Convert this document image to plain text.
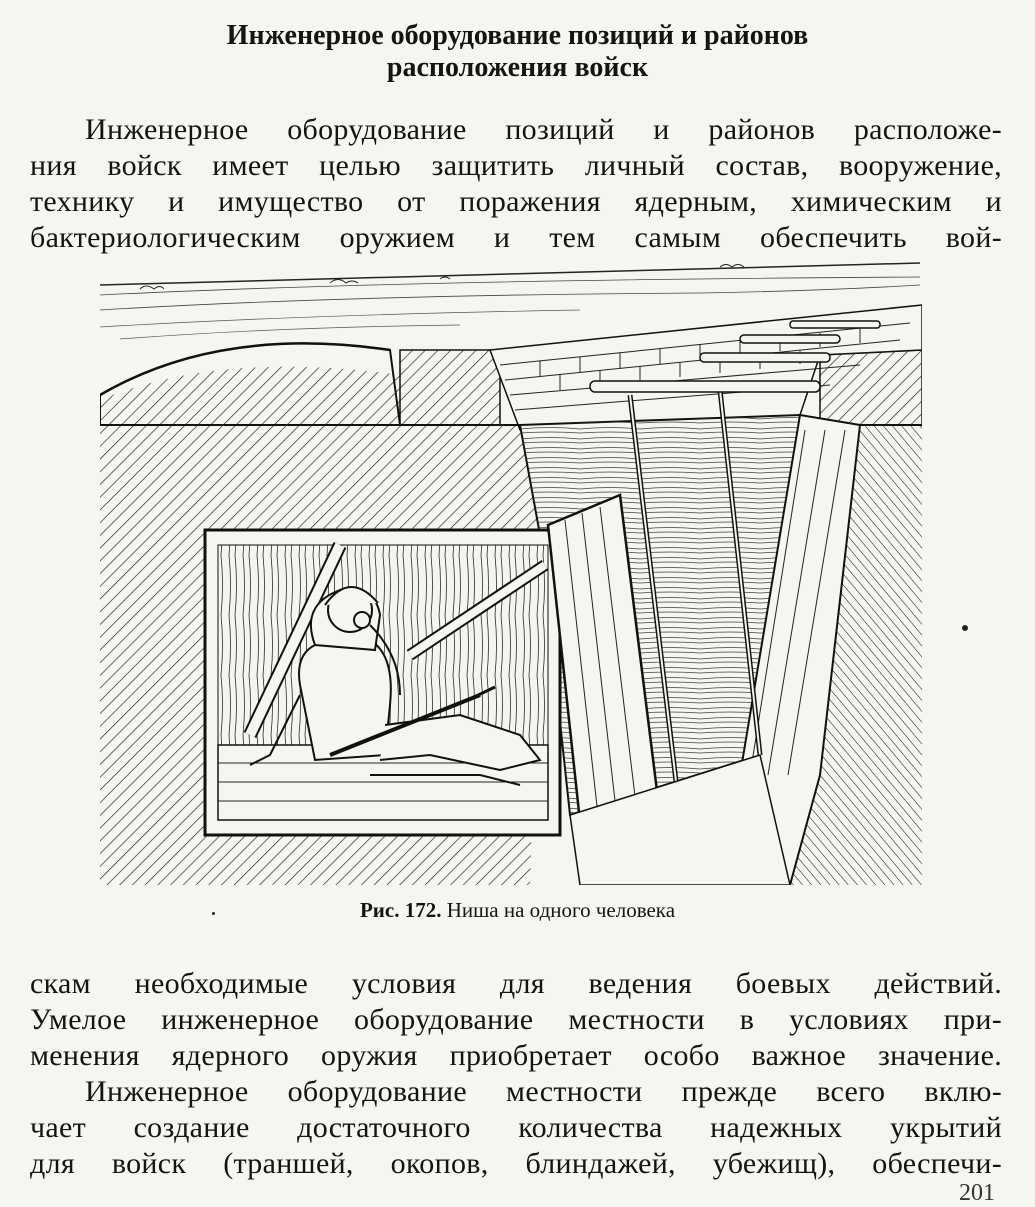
Инженерное оборудование позиций и районов
расположения войск
Инженерное оборудование позиций и районов расположе-
ния войск имеет целью защитить личный состав, вооружение,
технику и имущество от поражения ядерным, химическим и
бактериологическим оружием и тем самым обеспечить вой-
Рис. 172. Ниша на одного человека
скам необходимые условия для ведения боевых действий.
Умелое инженерное оборудование местности в условиях при-
менения ядерного оружия приобретает особо важное значение.
Инженерное оборудование местности прежде всего вклю-
чает создание достаточного количества надежных укрытий
для войск (траншей, окопов, блиндажей, убежищ), обеспечи-
201
